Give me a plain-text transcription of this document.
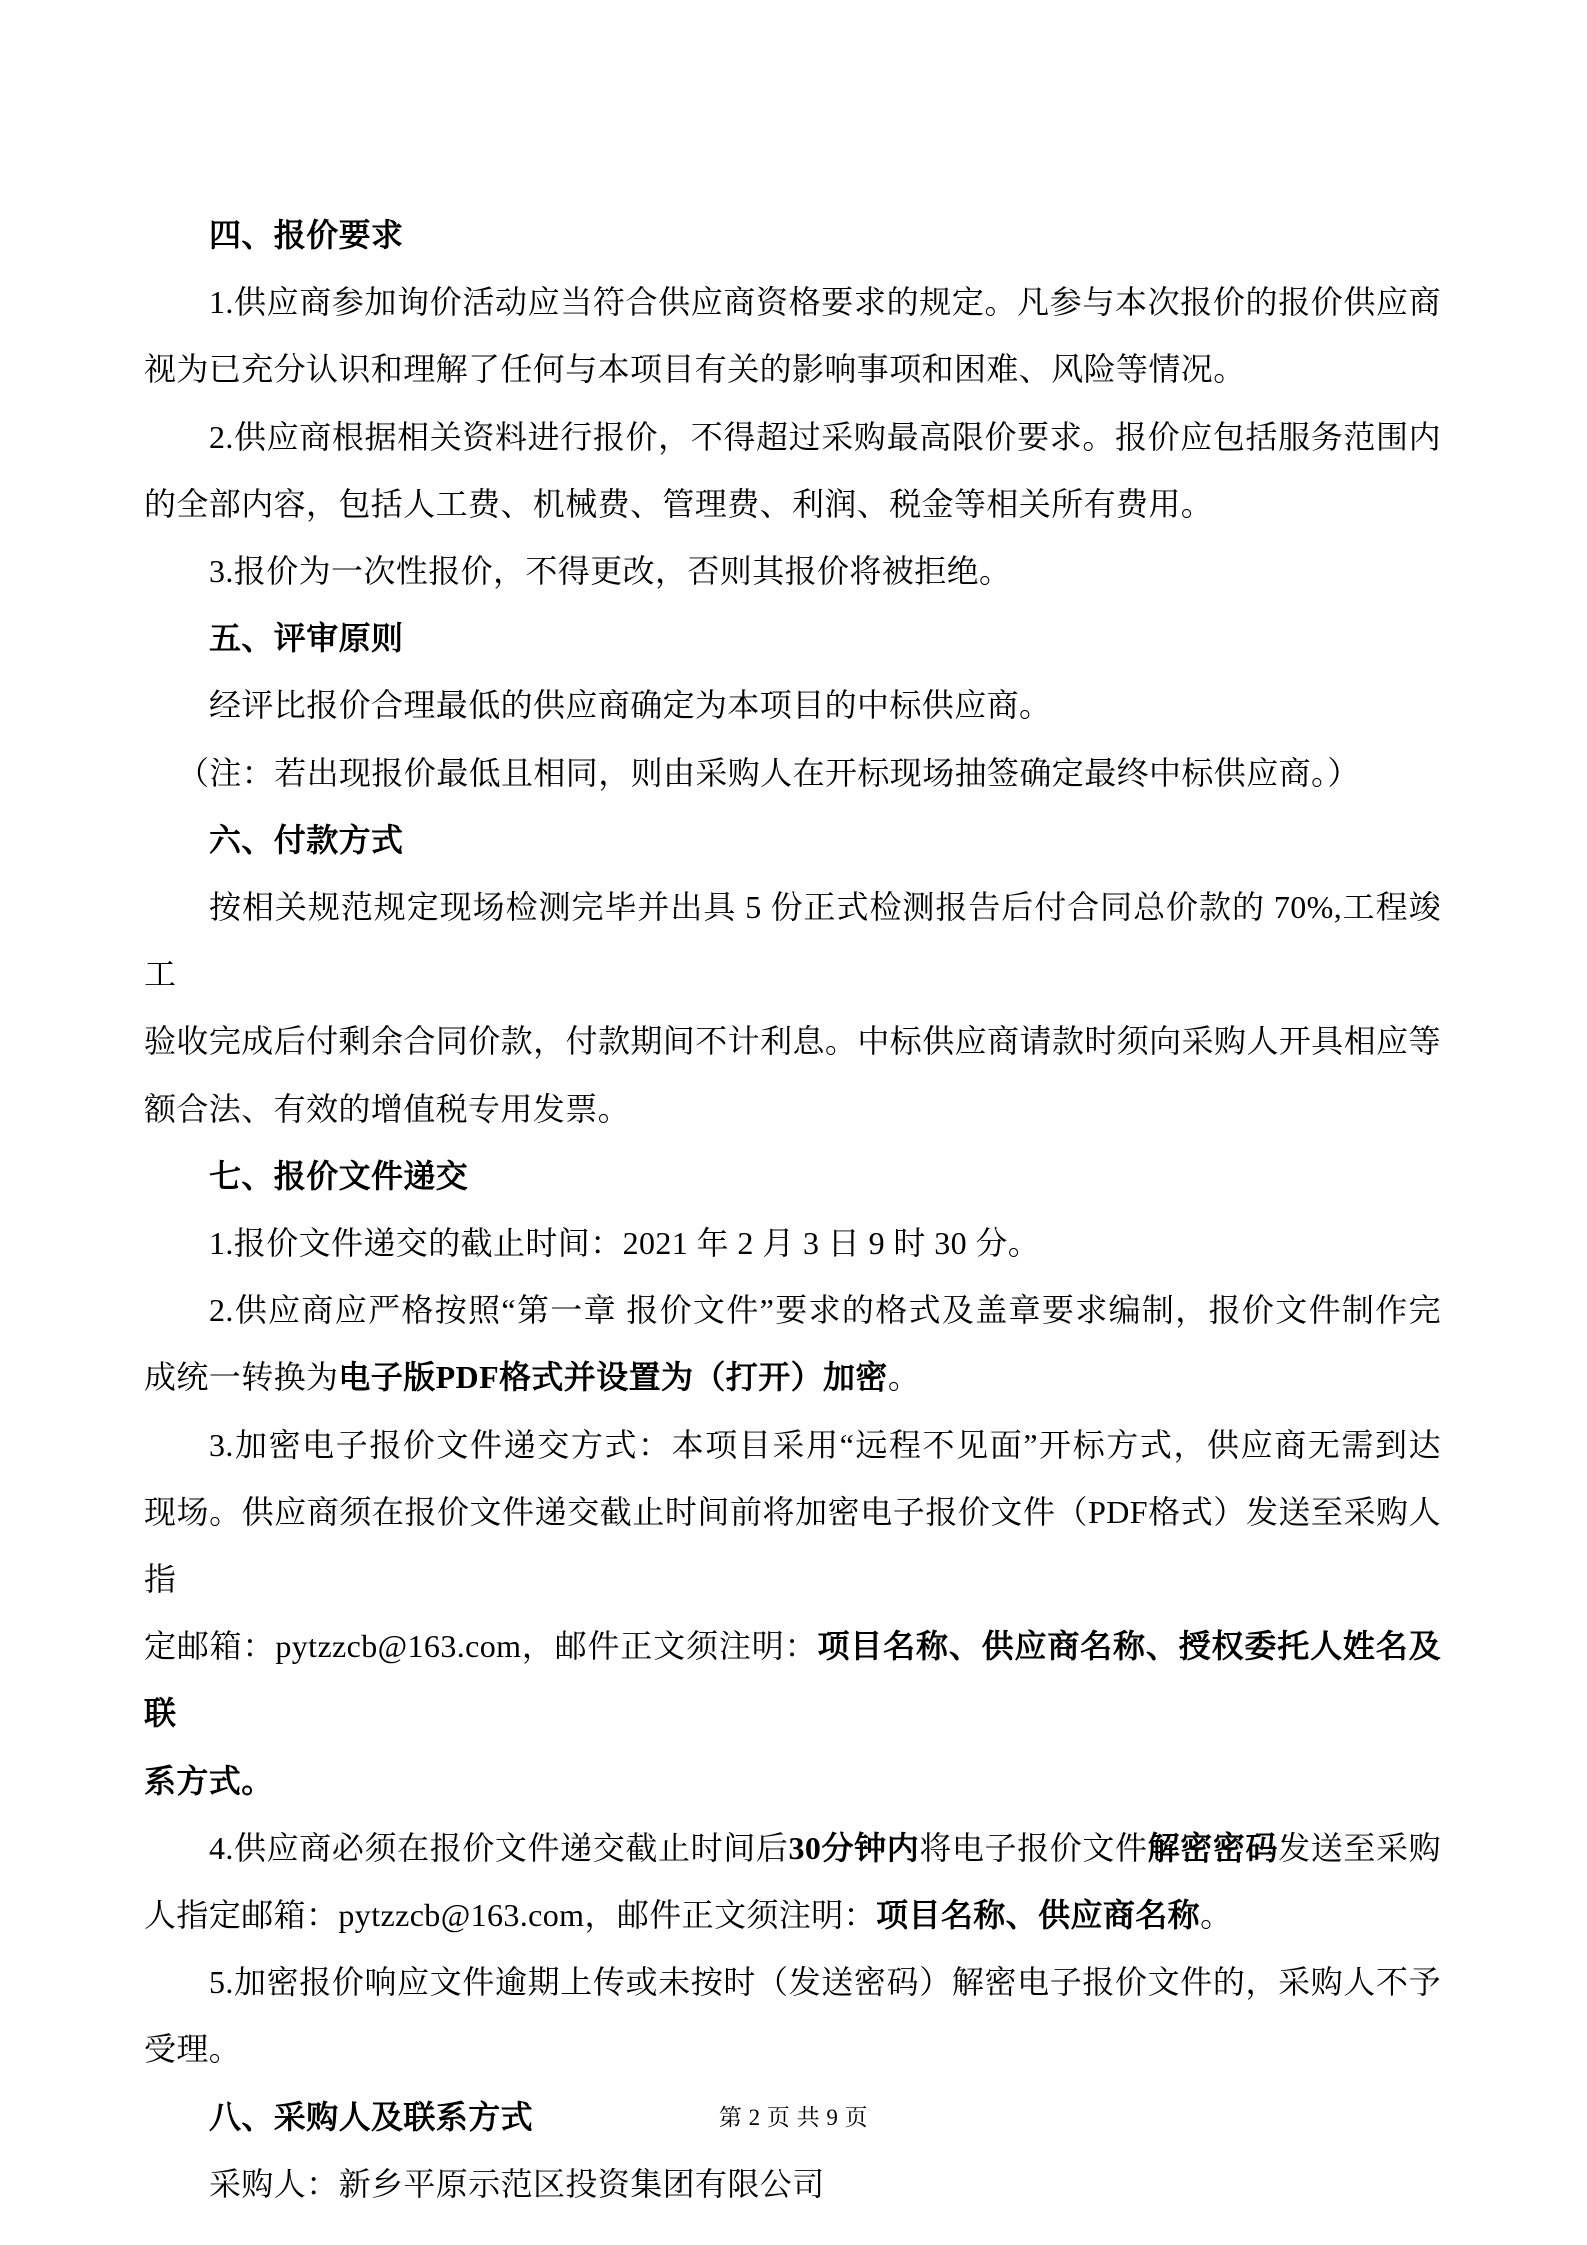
四、报价要求
1.供应商参加询价活动应当符合供应商资格要求的规定。凡参与本次报价的报价供应商
视为已充分认识和理解了任何与本项目有关的影响事项和困难、风险等情况。
2.供应商根据相关资料进行报价，不得超过采购最高限价要求。报价应包括服务范围内
的全部内容，包括人工费、机械费、管理费、利润、税金等相关所有费用。
3.报价为一次性报价，不得更改，否则其报价将被拒绝。
五、评审原则
经评比报价合理最低的供应商确定为本项目的中标供应商。
（注：若出现报价最低且相同，则由采购人在开标现场抽签确定最终中标供应商。）
六、付款方式
按相关规范规定现场检测完毕并出具 5 份正式检测报告后付合同总价款的 70%,工程竣工
验收完成后付剩余合同价款，付款期间不计利息。中标供应商请款时须向采购人开具相应等
额合法、有效的增值税专用发票。
七、报价文件递交
1.报价文件递交的截止时间：2021 年 2 月 3 日 9 时 30 分。
2.供应商应严格按照“第一章 报价文件”要求的格式及盖章要求编制，报价文件制作完
成统一转换为电子版PDF格式并设置为（打开）加密。
3.加密电子报价文件递交方式：本项目采用“远程不见面”开标方式，供应商无需到达
现场。供应商须在报价文件递交截止时间前将加密电子报价文件（PDF格式）发送至采购人指
定邮箱：pytzzcb@163.com，邮件正文须注明：项目名称、供应商名称、授权委托人姓名及联
系方式。
4.供应商必须在报价文件递交截止时间后30分钟内将电子报价文件解密密码发送至采购
人指定邮箱：pytzzcb@163.com，邮件正文须注明：项目名称、供应商名称。
5.加密报价响应文件逾期上传或未按时（发送密码）解密电子报价文件的，采购人不予
受理。
八、采购人及联系方式
采购人：新乡平原示范区投资集团有限公司
第 2 页 共 9 页
